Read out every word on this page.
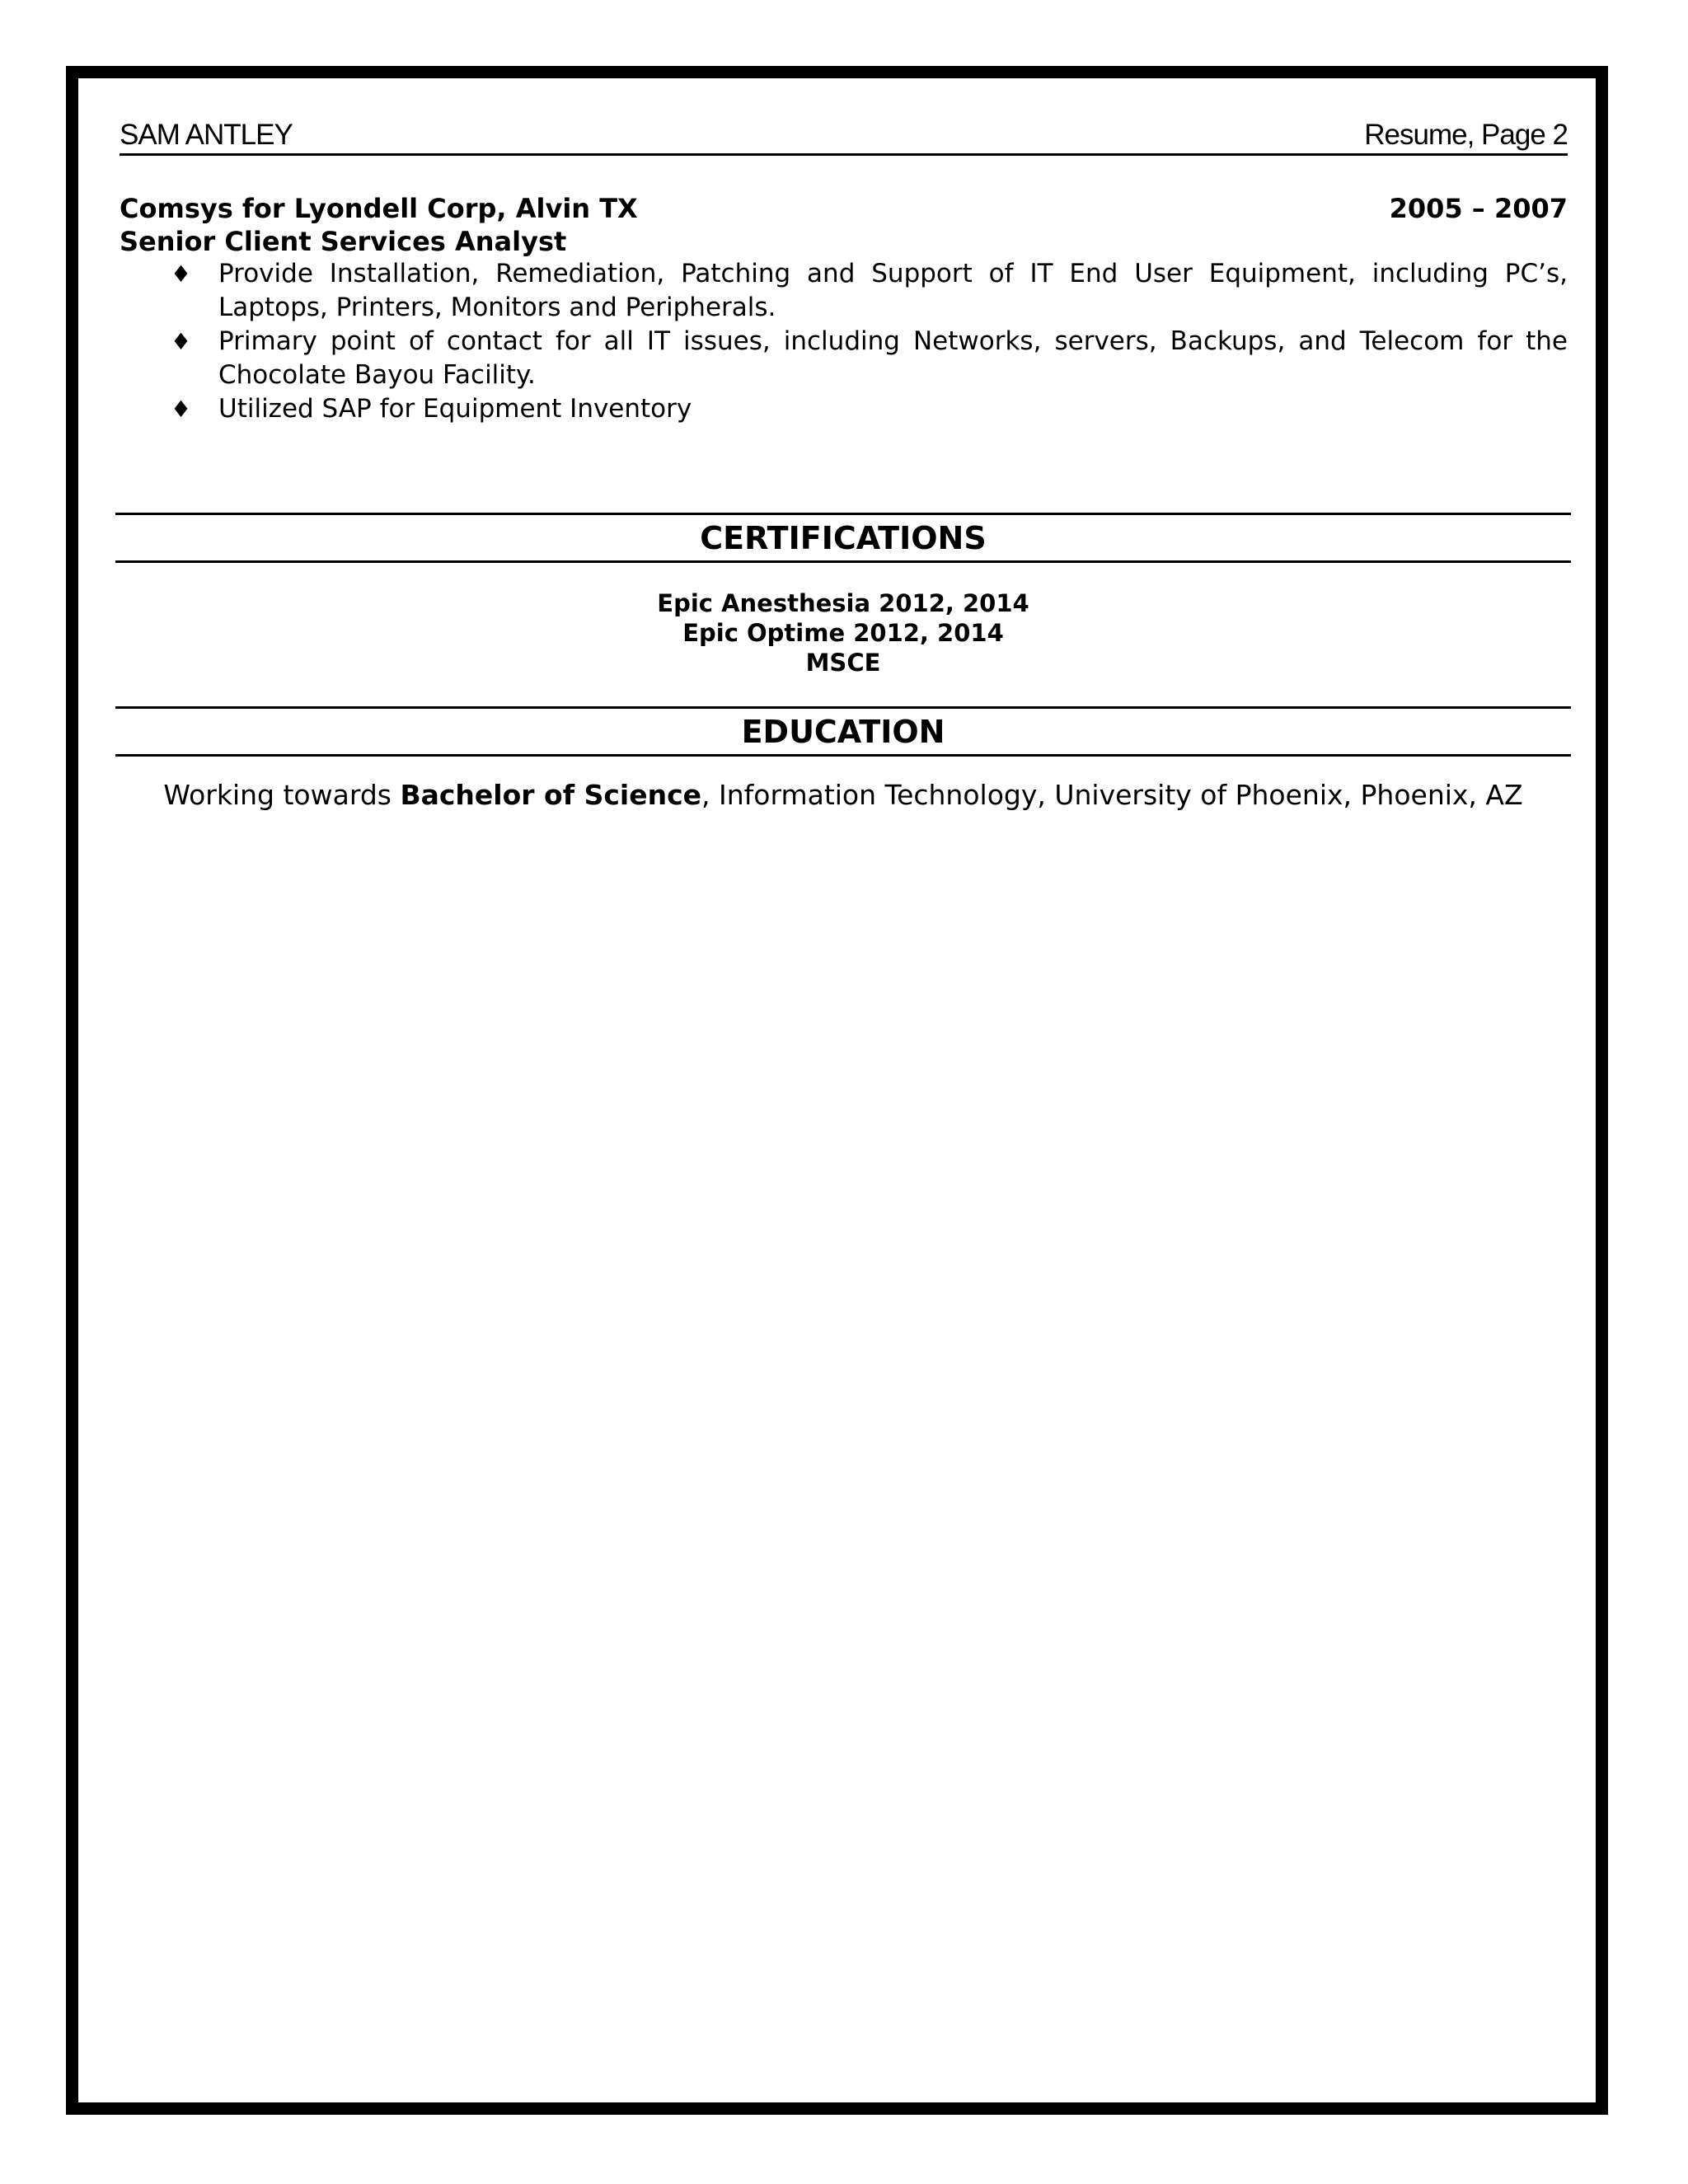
SAM ANTLEY	Resume, Page 2
Comsys for Lyondell Corp, Alvin TX	2005 – 2007
Senior Client Services Analyst
♦ Provide Installation, Remediation, Patching and Support of IT End User Equipment, including PC’s, Laptops, Printers, Monitors and Peripherals.
♦ Primary point of contact for all IT issues, including Networks, servers, Backups, and Telecom for the Chocolate Bayou Facility.
♦ Utilized SAP for Equipment Inventory
CERTIFICATIONS
Epic Anesthesia 2012, 2014
Epic Optime 2012, 2014
MSCE
EDUCATION
Working towards Bachelor of Science, Information Technology, University of Phoenix, Phoenix, AZ
